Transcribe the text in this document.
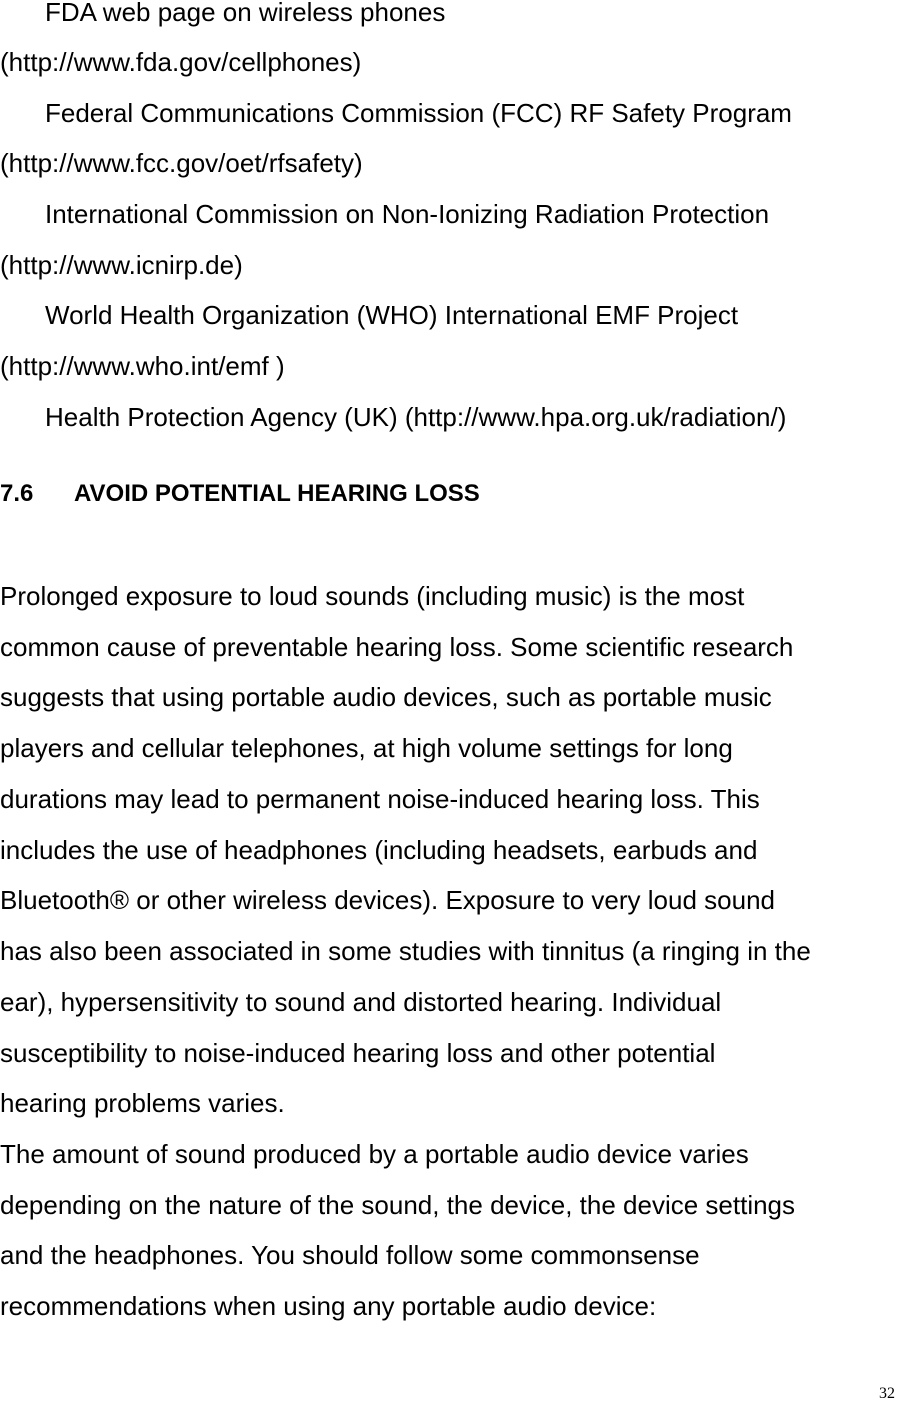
FDA web page on wireless phones

(http://www.fda.gov/cellphones)

Federal Communications Commission (FCC) RF Safety Program

(http://www.fcc.gov/oet/rfsafety)

International Commission on Non-Ionizing Radiation Protection

(http://www.icnirp.de)

World Health Organization (WHO) International EMF Project

(http://www.who.int/emf )

Health Protection Agency (UK) (http://www.hpa.org.uk/radiation/)

7.6 AVOID POTENTIAL HEARING LOSS

Prolonged exposure to loud sounds (including music) is the most

common cause of preventable hearing loss. Some scientific research

suggests that using portable audio devices, such as portable music

players and cellular telephones, at high volume settings for long

durations may lead to permanent noise-induced hearing loss. This

includes the use of headphones (including headsets, earbuds and

Bluetooth® or other wireless devices). Exposure to very loud sound

has also been associated in some studies with tinnitus (a ringing in the

ear), hypersensitivity to sound and distorted hearing. Individual

susceptibility to noise-induced hearing loss and other potential

hearing problems varies.

The amount of sound produced by a portable audio device varies

depending on the nature of the sound, the device, the device settings

and the headphones. You should follow some commonsense

recommendations when using any portable audio device:

32
